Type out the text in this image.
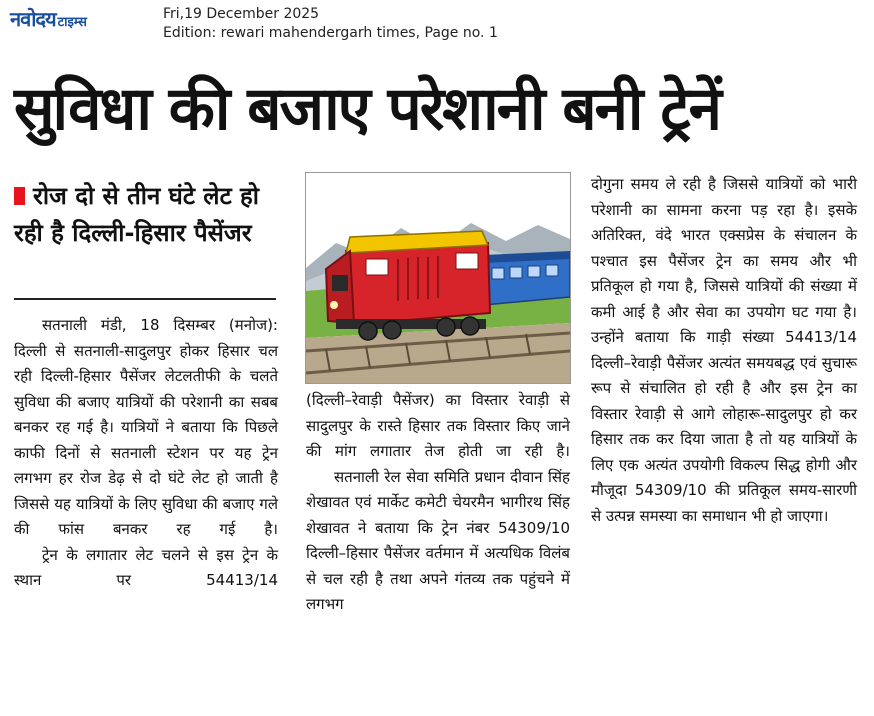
नवोदय टाइम्स
Fri,19 December 2025
Edition: rewari mahendergarh times, Page no. 1
सुविधा की बजाए परेशानी बनी ट्रेनें
रोज दो से तीन घंटे लेट हो रही है दिल्ली-हिसार पैसेंजर

सतनाली मंडी, 18 दिसम्बर (मनोज): दिल्ली से सतनाली-सादुलपुर होकर हिसार चल रही दिल्ली-हिसार पैसेंजर लेटलतीफी के चलते सुविधा की बजाए यात्रियों की परेशानी का सबब बनकर रह गई है। यात्रियों ने बताया कि पिछले काफी दिनों से सतनाली स्टेशन पर यह ट्रेन लगभग हर रोज डेढ़ से दो घंटे लेट हो जाती है जिससे यह यात्रियों के लिए सुविधा की बजाए गले की फांस बनकर रह गई है।

ट्रेन के लगातार लेट चलने से इस ट्रेन के स्थान पर 54413/14

(दिल्ली–रेवाड़ी पैसेंजर) का विस्तार रेवाड़ी से सादुलपुर के रास्ते हिसार तक विस्तार किए जाने की मांग लगातार तेज होती जा रही है।

सतनाली रेल सेवा समिति प्रधान दीवान सिंह शेखावत एवं मार्केट कमेटी चेयरमैन भागीरथ सिंह शेखावत ने बताया कि ट्रेन नंबर 54309/10 दिल्ली–हिसार पैसेंजर वर्तमान में अत्यधिक विलंब से चल रही है तथा अपने गंतव्य तक पहुंचने में लगभग

दोगुना समय ले रही है जिससे यात्रियों को भारी परेशानी का सामना करना पड़ रहा है। इसके अतिरिक्त, वंदे भारत एक्सप्रेस के संचालन के पश्चात इस पैसेंजर ट्रेन का समय और भी प्रतिकूल हो गया है, जिससे यात्रियों की संख्या में कमी आई है और सेवा का उपयोग घट गया है। उन्होंने बताया कि गाड़ी संख्या 54413/14 दिल्ली–रेवाड़ी पैसेंजर अत्यंत समयबद्ध एवं सुचारू रूप से संचालित हो रही है और इस ट्रेन का विस्तार रेवाड़ी से आगे लोहारू-सादुलपुर हो कर हिसार तक कर दिया जाता है तो यह यात्रियों के लिए एक अत्यंत उपयोगी विकल्प सिद्ध होगी और मौजूदा 54309/10 की प्रतिकूल समय-सारणी से उत्पन्न समस्या का समाधान भी हो जाएगा।
